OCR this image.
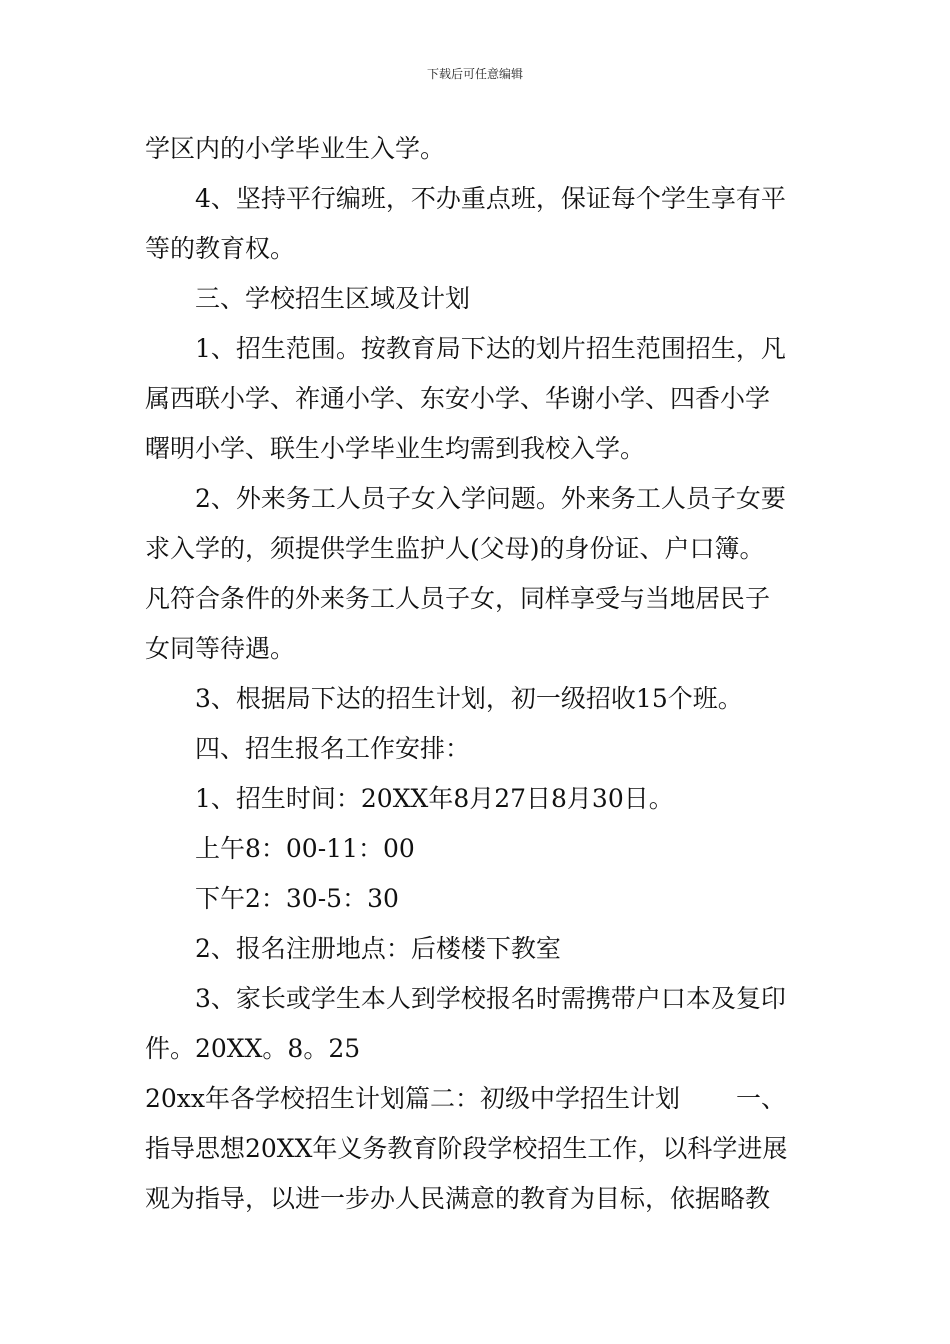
下载后可任意编辑
学区内的小学毕业生入学。
4、坚持平行编班，不办重点班，保证每个学生享有平
等的教育权。
三、学校招生区域及计划
1、招生范围。按教育局下达的划片招生范围招生，凡
属西联小学、祚通小学、东安小学、华谢小学、四香小学
曙明小学、联生小学毕业生均需到我校入学。
2、外来务工人员子女入学问题。外来务工人员子女要
求入学的，须提供学生监护人(父母)的身份证、户口簿。
凡符合条件的外来务工人员子女，同样享受与当地居民子
女同等待遇。
3、根据局下达的招生计划，初一级招收15个班。
四、招生报名工作安排：
1、招生时间：20XX年8月27日8月30日。
上午8：00-11：00
下午2：30-5：30
2、报名注册地点：后楼楼下教室
3、家长或学生本人到学校报名时需携带户口本及复印
件。20XX。8。25
20xx年各学校招生计划篇二：初级中学招生计划 一、
指导思想20XX年义务教育阶段学校招生工作，以科学进展
观为指导，以进一步办人民满意的教育为目标，依据略教
